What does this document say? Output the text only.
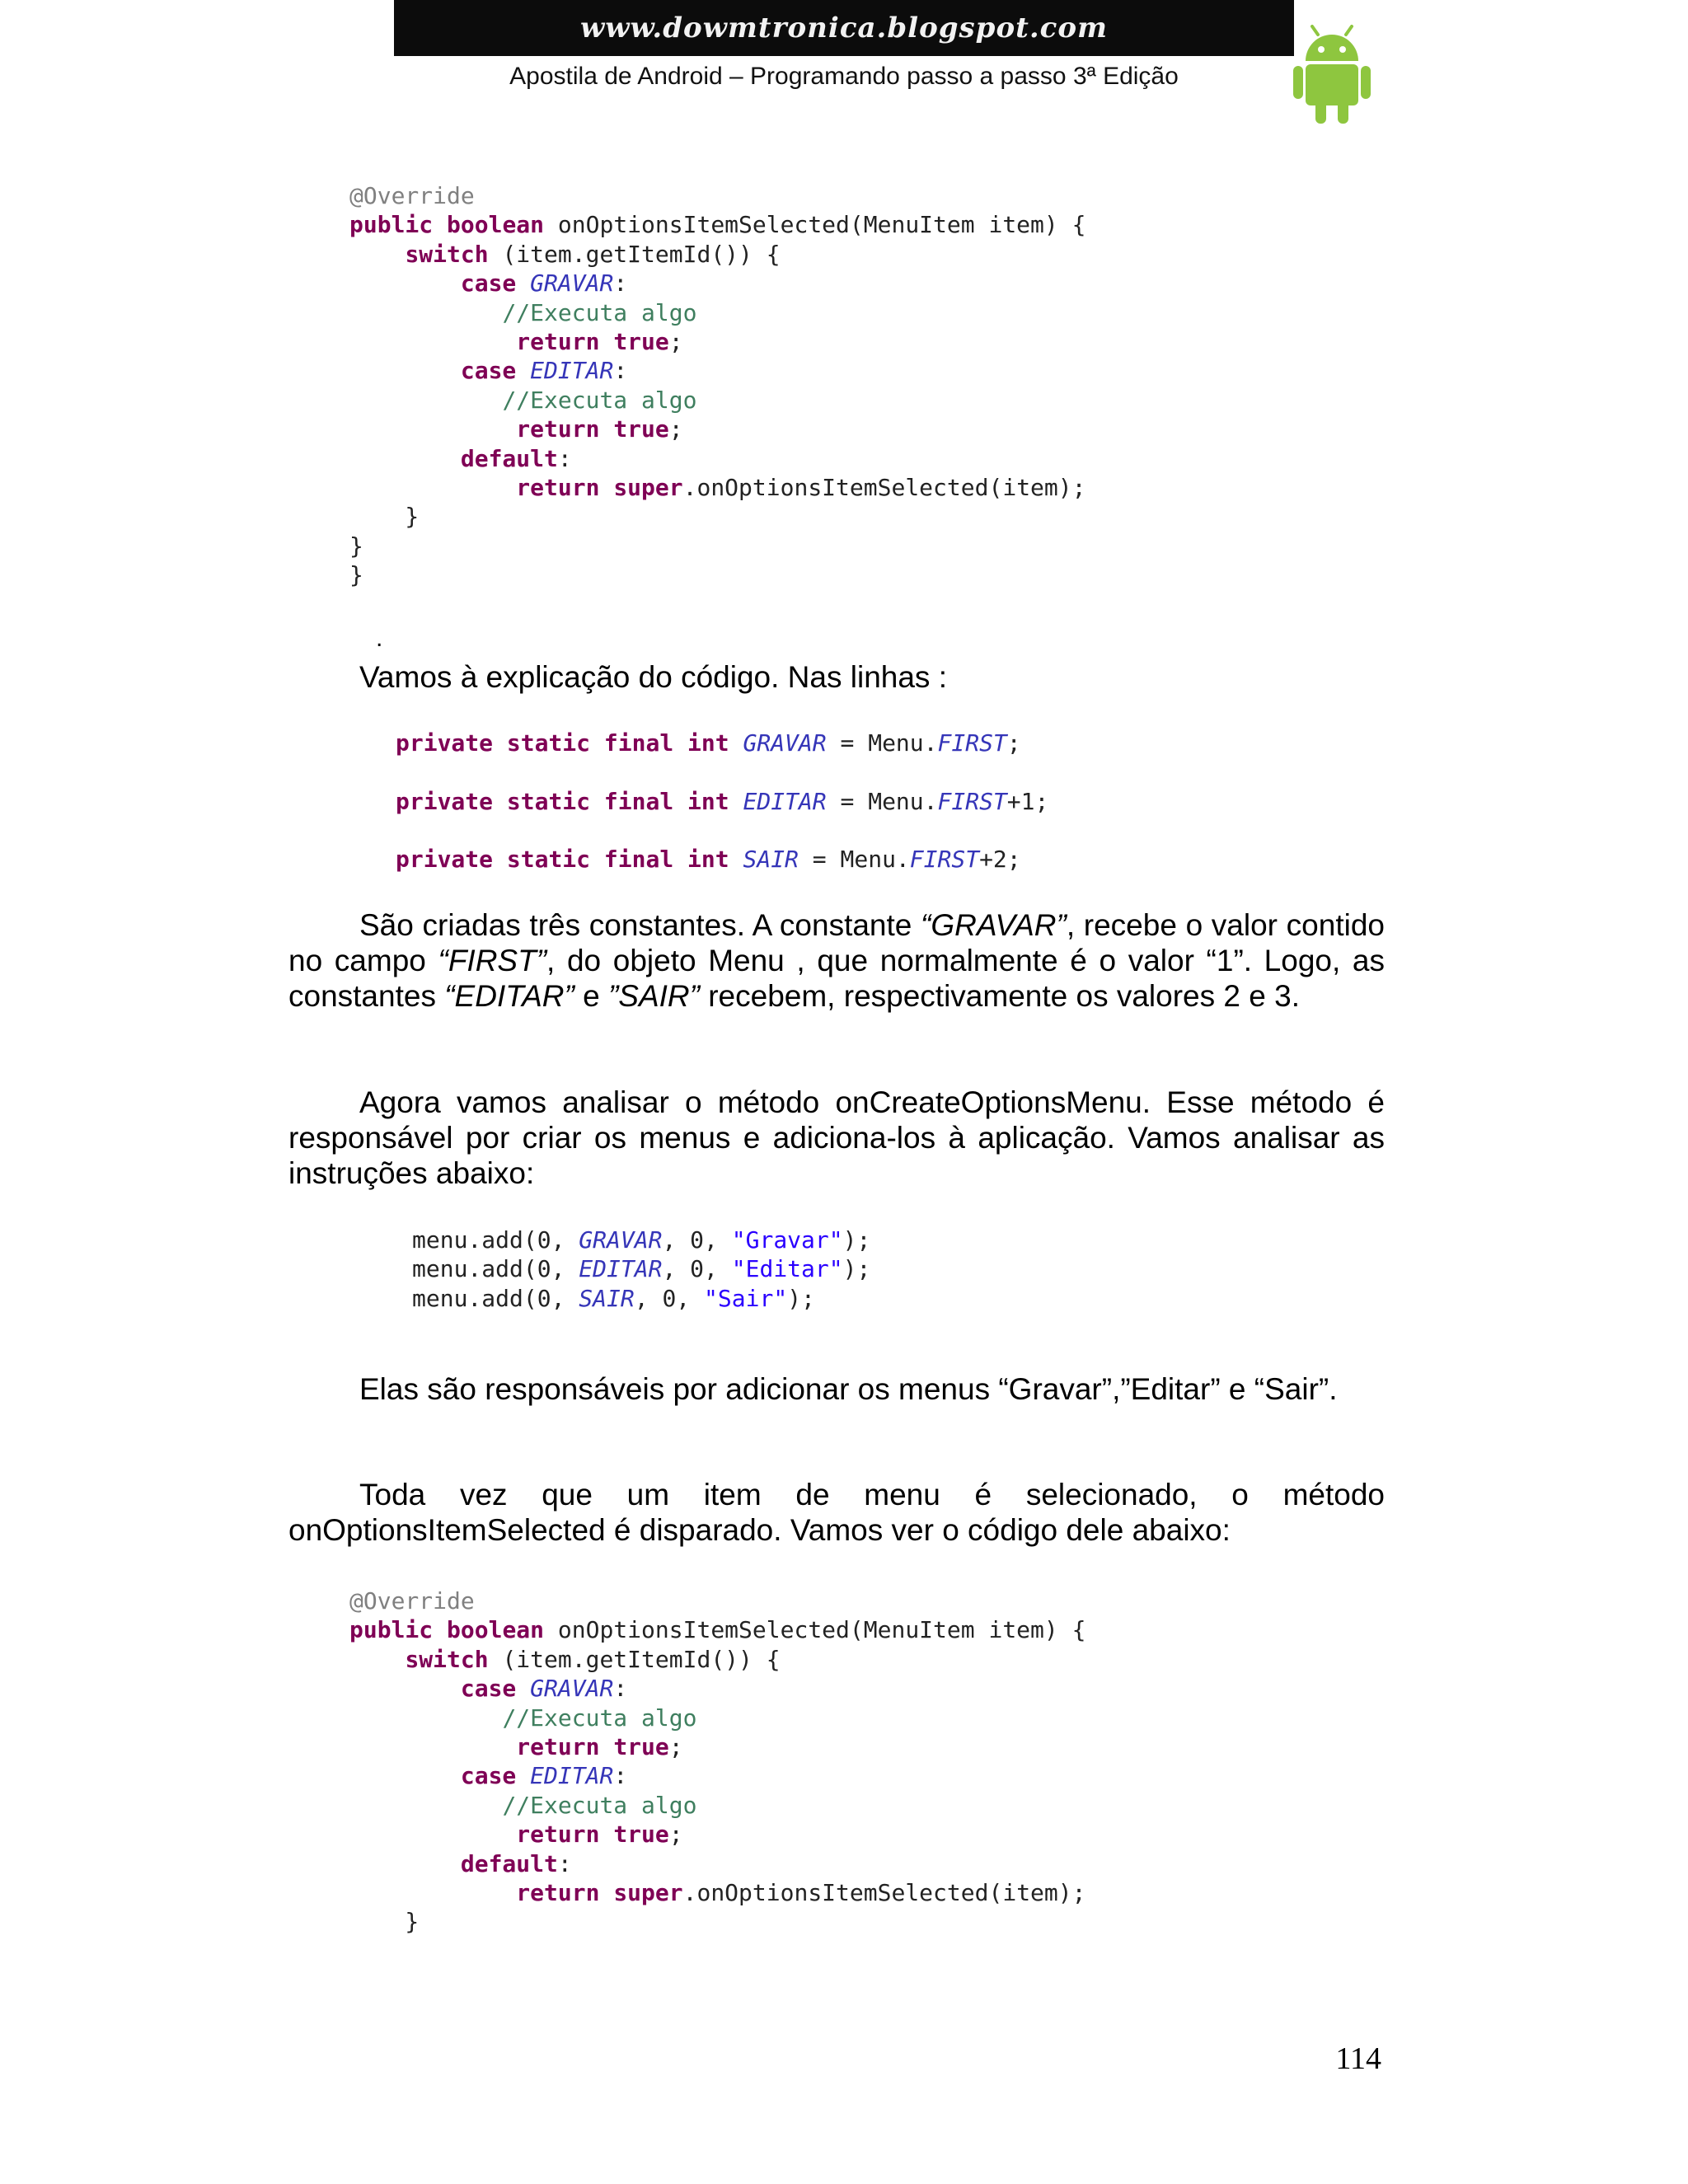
www.dowmtronica.blogspot.com
Apostila de Android – Programando passo a passo 3ª Edição
@Override
public boolean onOptionsItemSelected(MenuItem item) {
switch (item.getItemId()) {
case GRAVAR:
//Executa algo
return true;
case EDITAR:
//Executa algo
return true;
default:
return super.onOptionsItemSelected(item);
}
}
}
.

Vamos à explicação do código. Nas linhas :

private static final int GRAVAR = Menu.FIRST;
private static final int EDITAR = Menu.FIRST+1;
private static final int SAIR = Menu.FIRST+2;

São criadas três constantes. A constante “GRAVAR”, recebe o valor contido no campo “FIRST”, do objeto Menu , que normalmente é o valor “1”. Logo, as constantes “EDITAR” e ”SAIR” recebem, respectivamente os valores 2 e 3.

Agora vamos analisar o método onCreateOptionsMenu. Esse método é responsável por criar os menus e adiciona-los à aplicação. Vamos analisar as instruções abaixo:

menu.add(0, GRAVAR, 0, "Gravar");
menu.add(0, EDITAR, 0, "Editar");
menu.add(0, SAIR, 0, "Sair");

Elas são responsáveis por adicionar os menus “Gravar”,”Editar” e “Sair”.

Toda vez que um item de menu é selecionado, o método onOptionsItemSelected é disparado. Vamos ver o código dele abaixo:

@Override
public boolean onOptionsItemSelected(MenuItem item) {
switch (item.getItemId()) {
case GRAVAR:
//Executa algo
return true;
case EDITAR:
//Executa algo
return true;
default:
return super.onOptionsItemSelected(item);
}
114
